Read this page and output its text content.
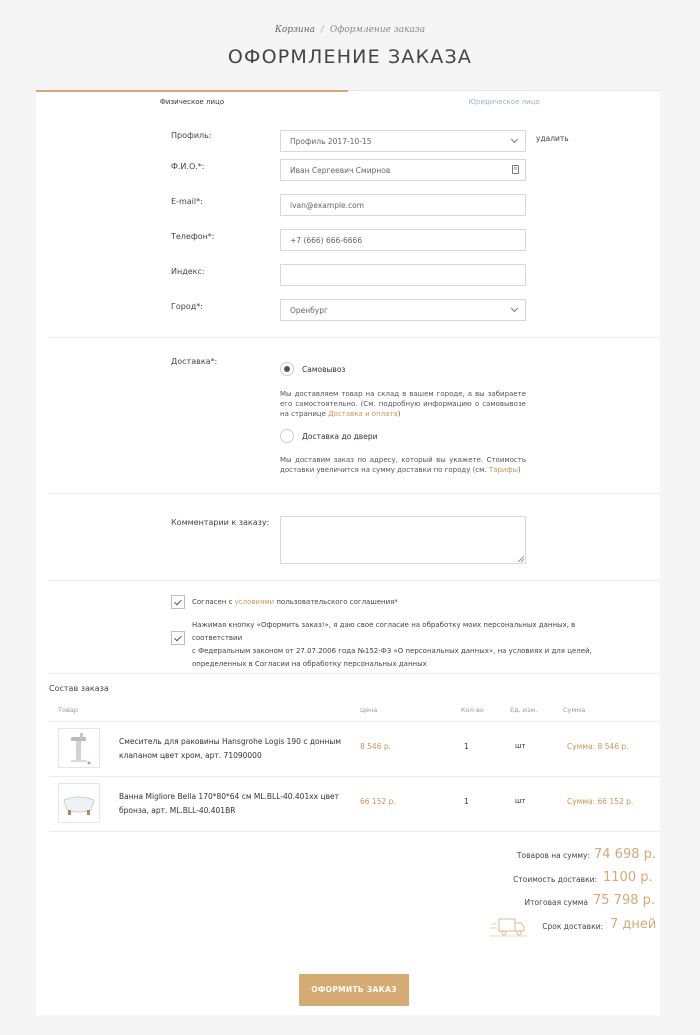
Корзина / Оформление заказа
ОФОРМЛЕНИЕ ЗАКАЗА
Физическое лицо	Юридическое лицо
Профиль:
Профиль 2017-10-15	удалить
Ф.И.О.*:	Иван Сергеевич Смирнов	≡
E-mail*:	ivan@example.com
Телефон*:	+7 (666) 666-6666
Индекс:
Город*:	Оренбург
Доставка*:
Самовывоз
Мы доставляем товар на склад в вашем городе, а вы забираете его самостоятельно. (См. подробную информацию о самовывозе на странице Доставка и оплата)
Доставка до двери
Мы доставим заказ по адресу, который вы укажете. Стоимость доставки увеличится на сумму доставки по городу (см. Тарифы)
Комментарии к заказу:
Согласен с условиями пользовательского соглашения*
Нажимая кнопку «Оформить заказ!», я даю свое согласие на обработку моих персональных данных, в соответствии
с Федеральным законом от 27.07.2006 года №152-ФЗ «О персональных данных», на условиях и для целей,
определенных в Согласии на обработку персональных данных
Состав заказа
Товар	Цена	Кол-во	Ед. изм.	Сумма
Смеситель для раковины Hansgrohe Logis 190 с донным
клапаном цвет хром, арт. 71090000
8 546 р.	1	шт	Сумма: 8 546 р.
Ванна Migliore Bella 170*80*64 см ML.BLL-40.401хх цвет
бронза, арт. ML.BLL-40.401BR
66 152 р.	1	шт	Сумма: 66 152 р.
Товаров на сумму: 74 698 р.
Стоимость доставки: 1100 р.
Итоговая сумма 75 798 р.
Срок доставки: 7 дней
ОФОРМИТЬ ЗАКАЗ
